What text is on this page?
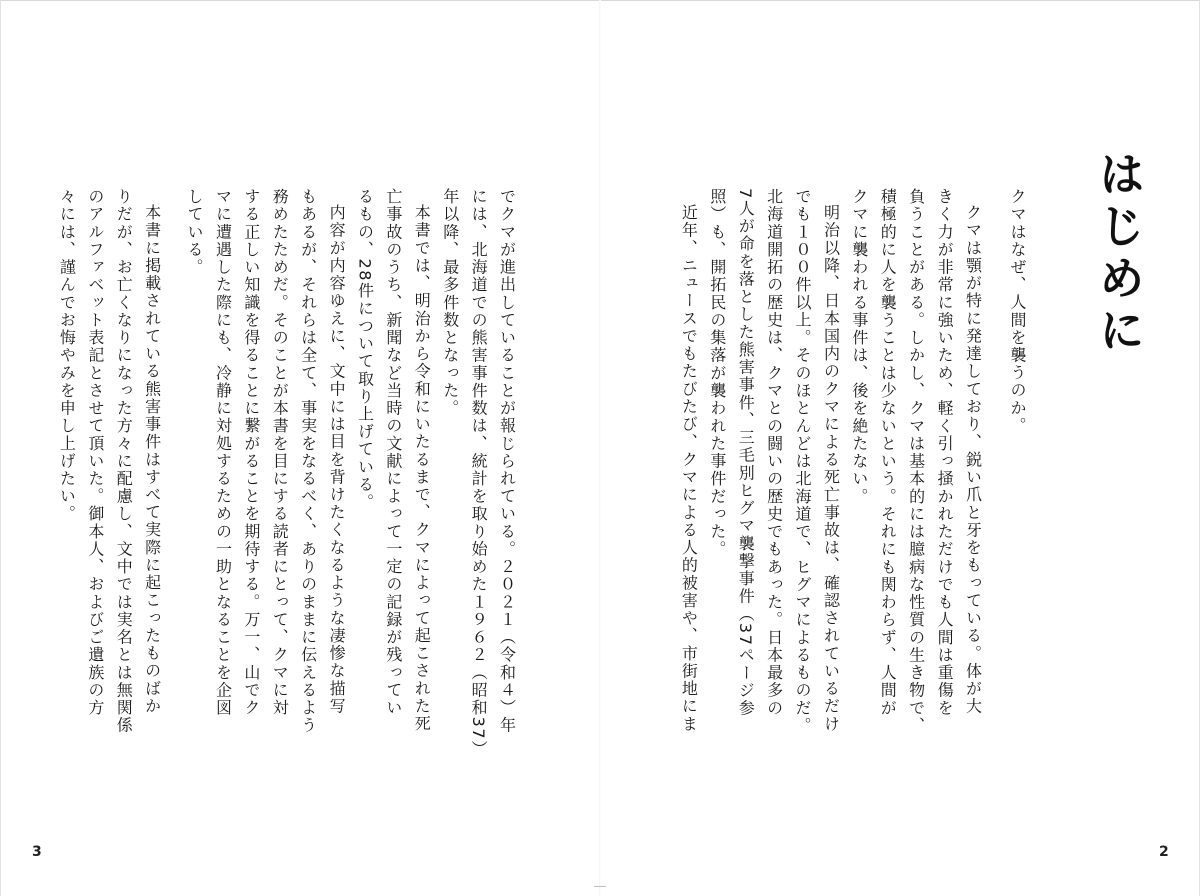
はじめに
クマはなぜ、人間を襲うのか。
クマは顎が特に発達しており、鋭い爪と牙をもっている。体が大
きく力が非常に強いため、軽く引っ掻かれただけでも人間は重傷を
負うことがある。しかし、クマは基本的には臆病な性質の生き物で、
積極的に人を襲うことは少ないという。それにも関わらず、人間が
クマに襲われる事件は、後を絶たない。
明治以降、日本国内のクマによる死亡事故は、確認されているだけ
でも１００件以上。そのほとんどは北海道で、ヒグマによるものだ。
北海道開拓の歴史は、クマとの闘いの歴史でもあった。日本最多の
7人が命を落とした熊害事件、三毛別ヒグマ襲撃事件（37ページ参
照）も、開拓民の集落が襲われた事件だった。
近年、ニュースでもたびたび、クマによる人的被害や、市街地にま
2
でクマが進出していることが報じられている。２０２１（令和４）年
には、北海道での熊害事件数は、統計を取り始めた１９６２（昭和37）
年以降、最多件数となった。
本書では、明治から令和にいたるまで、クマによって起こされた死
亡事故のうち、新聞など当時の文献によって一定の記録が残ってい
るもの、28件について取り上げている。
内容が内容ゆえに、文中には目を背けたくなるような凄惨な描写
もあるが、それらは全て、事実をなるべく、ありのままに伝えるよう
務めたためだ。そのことが本書を目にする読者にとって、クマに対
する正しい知識を得ることに繋がることを期待する。万一、山でク
マに遭遇した際にも、冷静に対処するための一助となることを企図
している。
本書に掲載されている熊害事件はすべて実際に起こったものばか
りだが、お亡くなりになった方々に配慮し、文中では実名とは無関係
のアルファベット表記とさせて頂いた。御本人、およびご遺族の方
々には、謹んでお悔やみを申し上げたい。
3
